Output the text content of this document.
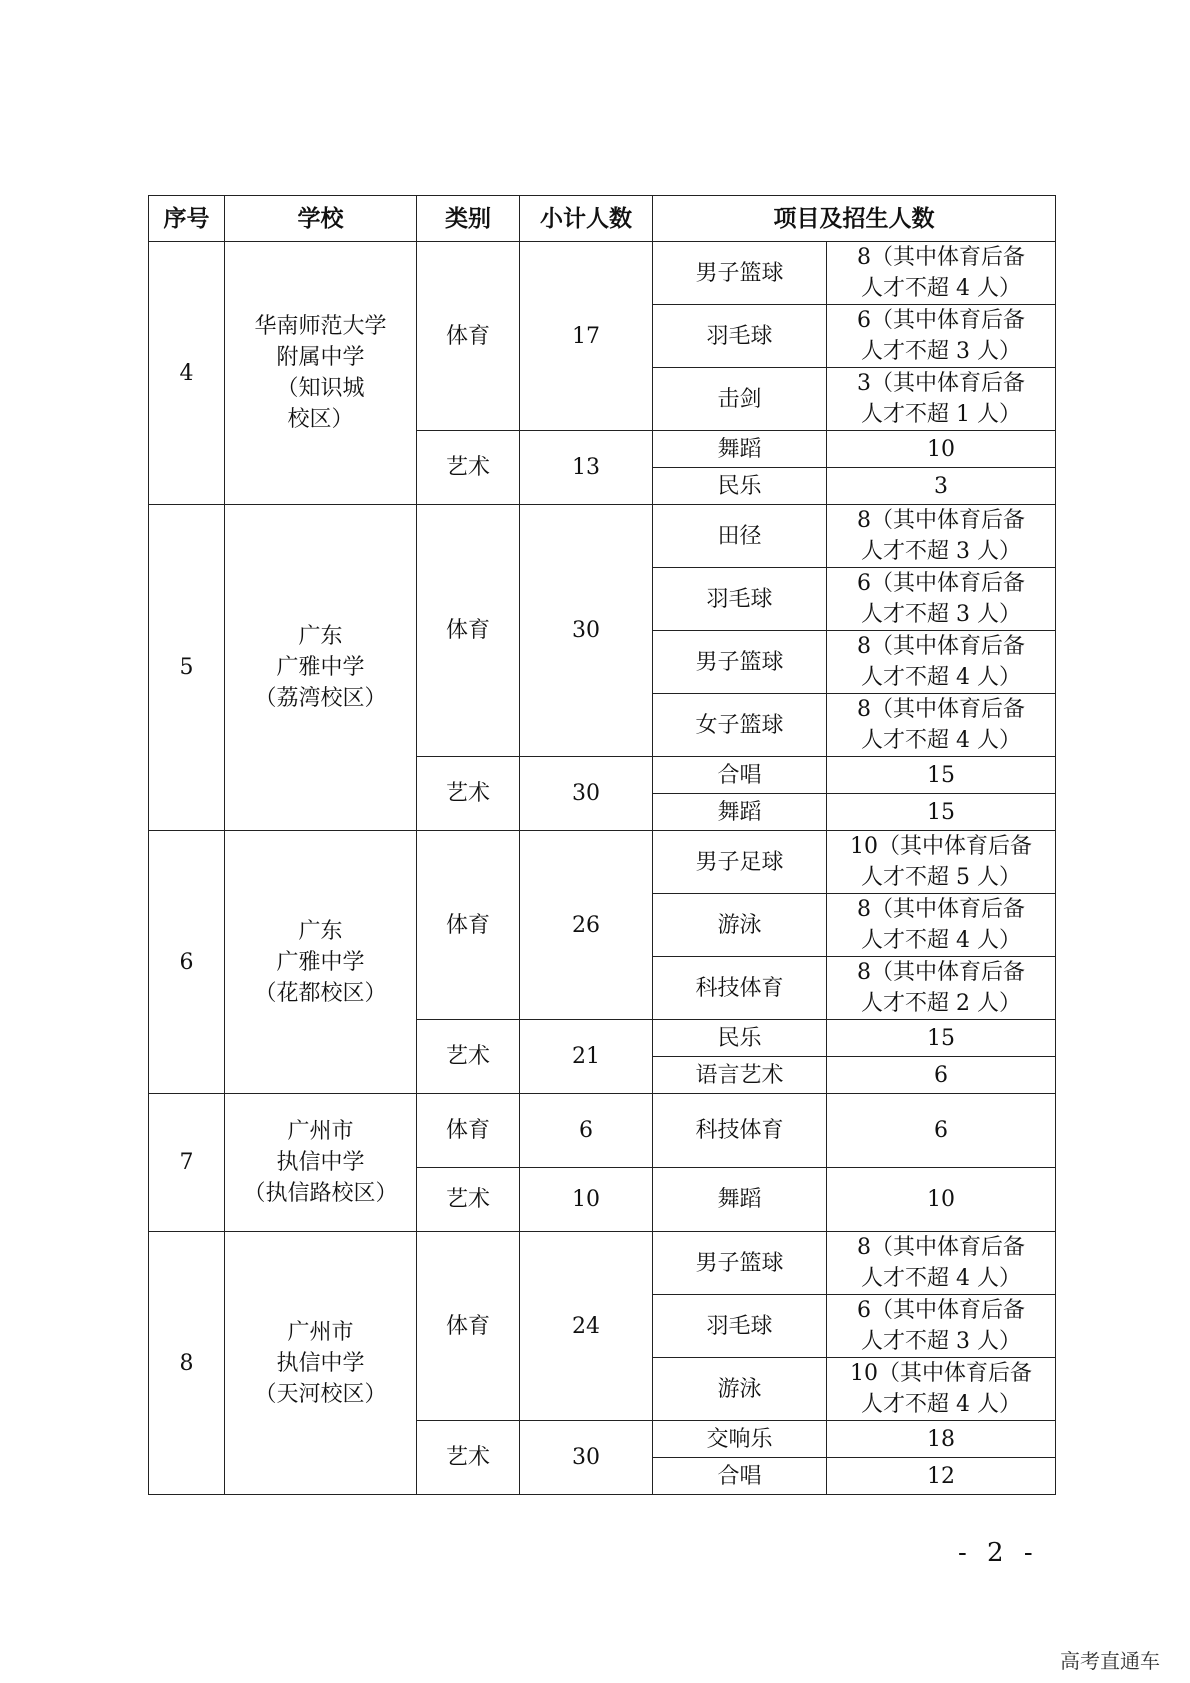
序号	学校	类别	小计人数	项目及招生人数	
4	华南师范大学
附属中学
（知识城
校区）	体育	17	男子篮球	8（其中体育后备
人才不超 4 人）
				羽毛球	6（其中体育后备
人才不超 3 人）
				击剑	3（其中体育后备
人才不超 1 人）
		艺术	13	舞蹈	10
				民乐	3
5	广东
广雅中学
（荔湾校区）	体育	30	田径	8（其中体育后备
人才不超 3 人）
				羽毛球	6（其中体育后备
人才不超 3 人）
				男子篮球	8（其中体育后备
人才不超 4 人）
				女子篮球	8（其中体育后备
人才不超 4 人）
		艺术	30	合唱	15
				舞蹈	15
6	广东
广雅中学
（花都校区）	体育	26	男子足球	10（其中体育后备
人才不超 5 人）
				游泳	8（其中体育后备
人才不超 4 人）
				科技体育	8（其中体育后备
人才不超 2 人）
		艺术	21	民乐	15
				语言艺术	6
7	广州市
执信中学
（执信路校区）	体育	6	科技体育	6
		艺术	10	舞蹈	10
8	广州市
执信中学
（天河校区）	体育	24	男子篮球	8（其中体育后备
人才不超 4 人）
				羽毛球	6（其中体育后备
人才不超 3 人）
				游泳	10（其中体育后备
人才不超 4 人）
		艺术	30	交响乐	18
				合唱	12
- 2 -
高考直通车
